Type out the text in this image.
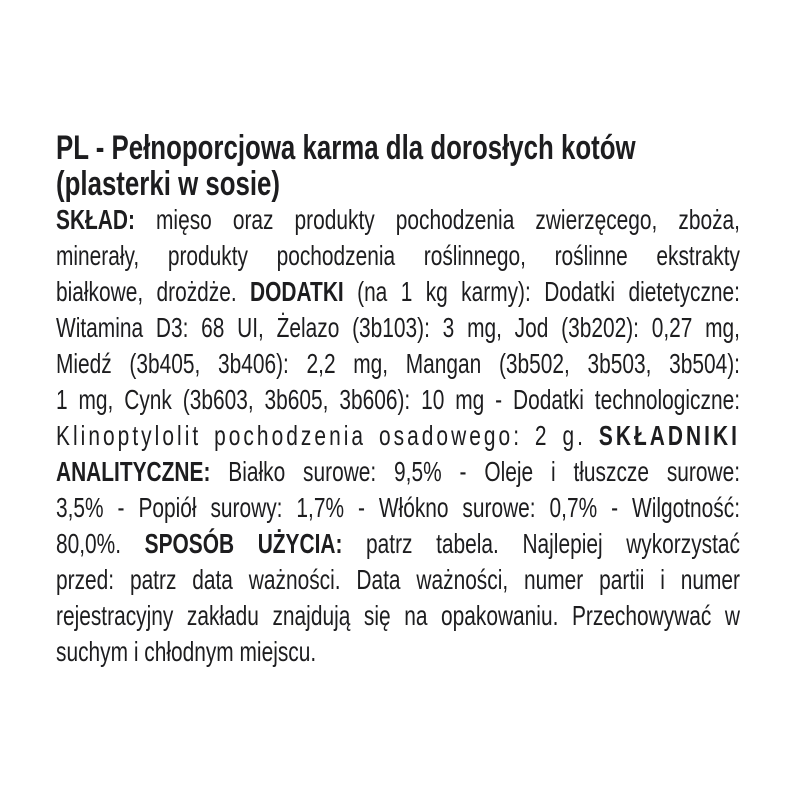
PL - Pełnoporcjowa karma dla dorosłych kotów
(plasterki w sosie)
SKŁAD: mięso oraz produkty pochodzenia zwierzęcego, zboża,
minerały, produkty pochodzenia roślinnego, roślinne ekstrakty
białkowe, drożdże. DODATKI (na 1 kg karmy): Dodatki dietetyczne:
Witamina D3: 68 UI, Żelazo (3b103): 3 mg, Jod (3b202): 0,27 mg,
Miedź (3b405, 3b406): 2,2 mg, Mangan (3b502, 3b503, 3b504):
1 mg, Cynk (3b603, 3b605, 3b606): 10 mg - Dodatki technologiczne:
Klinoptylolit pochodzenia osadowego: 2 g. SKŁADNIKI
ANALITYCZNE: Białko surowe: 9,5% - Oleje i tłuszcze surowe:
3,5% - Popiół surowy: 1,7% - Włókno surowe: 0,7% - Wilgotność:
80,0%. SPOSÓB UŻYCIA: patrz tabela. Najlepiej wykorzystać
przed: patrz data ważności. Data ważności, numer partii i numer
rejestracyjny zakładu znajdują się na opakowaniu. Przechowywać w
suchym i chłodnym miejscu.
